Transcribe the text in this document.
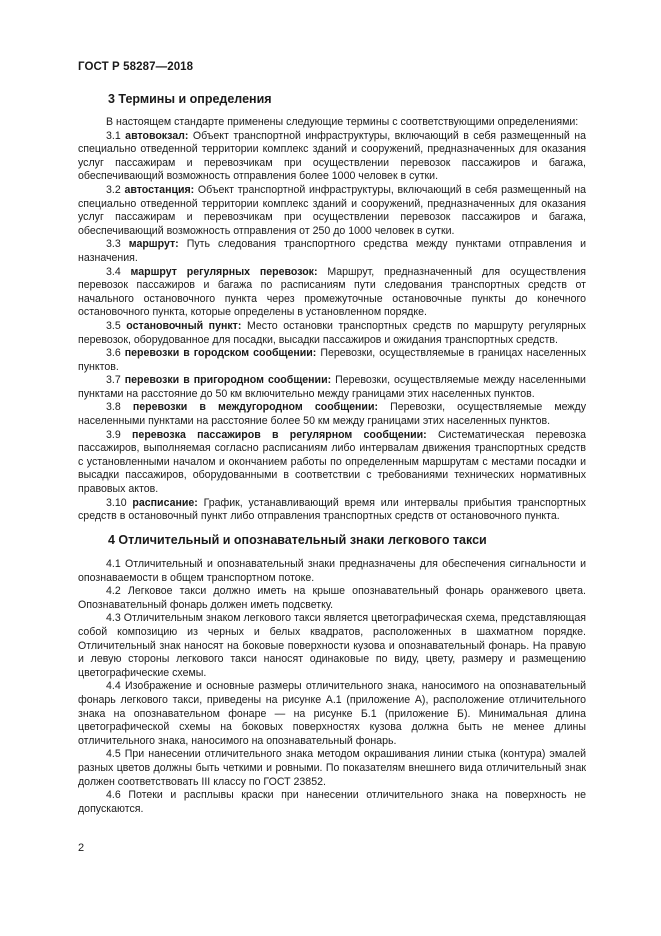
ГОСТ Р 58287—2018
3 Термины и определения

В настоящем стандарте применены следующие термины с соответствующими определениями:

3.1 автовокзал: Объект транспортной инфраструктуры, включающий в себя размещенный на специально отведенной территории комплекс зданий и сооружений, предназначенных для оказания услуг пассажирам и перевозчикам при осуществлении перевозок пассажиров и багажа, обеспечивающий возможность отправления более 1000 человек в сутки.

3.2 автостанция: Объект транспортной инфраструктуры, включающий в себя размещенный на специально отведенной территории комплекс зданий и сооружений, предназначенных для оказания услуг пассажирам и перевозчикам при осуществлении перевозок пассажиров и багажа, обеспечивающий возможность отправления от 250 до 1000 человек в сутки.

3.3 маршрут: Путь следования транспортного средства между пунктами отправления и назначения.

3.4 маршрут регулярных перевозок: Маршрут, предназначенный для осуществления перевозок пассажиров и багажа по расписаниям пути следования транспортных средств от начального остановочного пункта через промежуточные остановочные пункты до конечного остановочного пункта, которые определены в установленном порядке.

3.5 остановочный пункт: Место остановки транспортных средств по маршруту регулярных перевозок, оборудованное для посадки, высадки пассажиров и ожидания транспортных средств.

3.6 перевозки в городском сообщении: Перевозки, осуществляемые в границах населенных пунктов.

3.7 перевозки в пригородном сообщении: Перевозки, осуществляемые между населенными пунктами на расстояние до 50 км включительно между границами этих населенных пунктов.

3.8 перевозки в междугородном сообщении: Перевозки, осуществляемые между населенными пунктами на расстояние более 50 км между границами этих населенных пунктов.

3.9 перевозка пассажиров в регулярном сообщении: Систематическая перевозка пассажиров, выполняемая согласно расписаниям либо интервалам движения транспортных средств с установленными началом и окончанием работы по определенным маршрутам с местами посадки и высадки пассажиров, оборудованными в соответствии с требованиями технических нормативных правовых актов.

3.10 расписание: График, устанавливающий время или интервалы прибытия транспортных средств в остановочный пункт либо отправления транспортных средств от остановочного пункта.

4 Отличительный и опознавательный знаки легкового такси

4.1 Отличительный и опознавательный знаки предназначены для обеспечения сигнальности и опознаваемости в общем транспортном потоке.

4.2 Легковое такси должно иметь на крыше опознавательный фонарь оранжевого цвета. Опознавательный фонарь должен иметь подсветку.

4.3 Отличительным знаком легкового такси является цветографическая схема, представляющая собой композицию из черных и белых квадратов, расположенных в шахматном порядке. Отличительный знак наносят на боковые поверхности кузова и опознавательный фонарь. На правую и левую стороны легкового такси наносят одинаковые по виду, цвету, размеру и размещению цветографические схемы.

4.4 Изображение и основные размеры отличительного знака, наносимого на опознавательный фонарь легкового такси, приведены на рисунке А.1 (приложение А), расположение отличительного знака на опознавательном фонаре — на рисунке Б.1 (приложение Б). Минимальная длина цветографической схемы на боковых поверхностях кузова должна быть не менее длины отличительного знака, наносимого на опознавательный фонарь.

4.5 При нанесении отличительного знака методом окрашивания линии стыка (контура) эмалей разных цветов должны быть четкими и ровными. По показателям внешнего вида отличительный знак должен соответствовать III классу по ГОСТ 23852.

4.6 Потеки и расплывы краски при нанесении отличительного знака на поверхность не допускаются.

2
